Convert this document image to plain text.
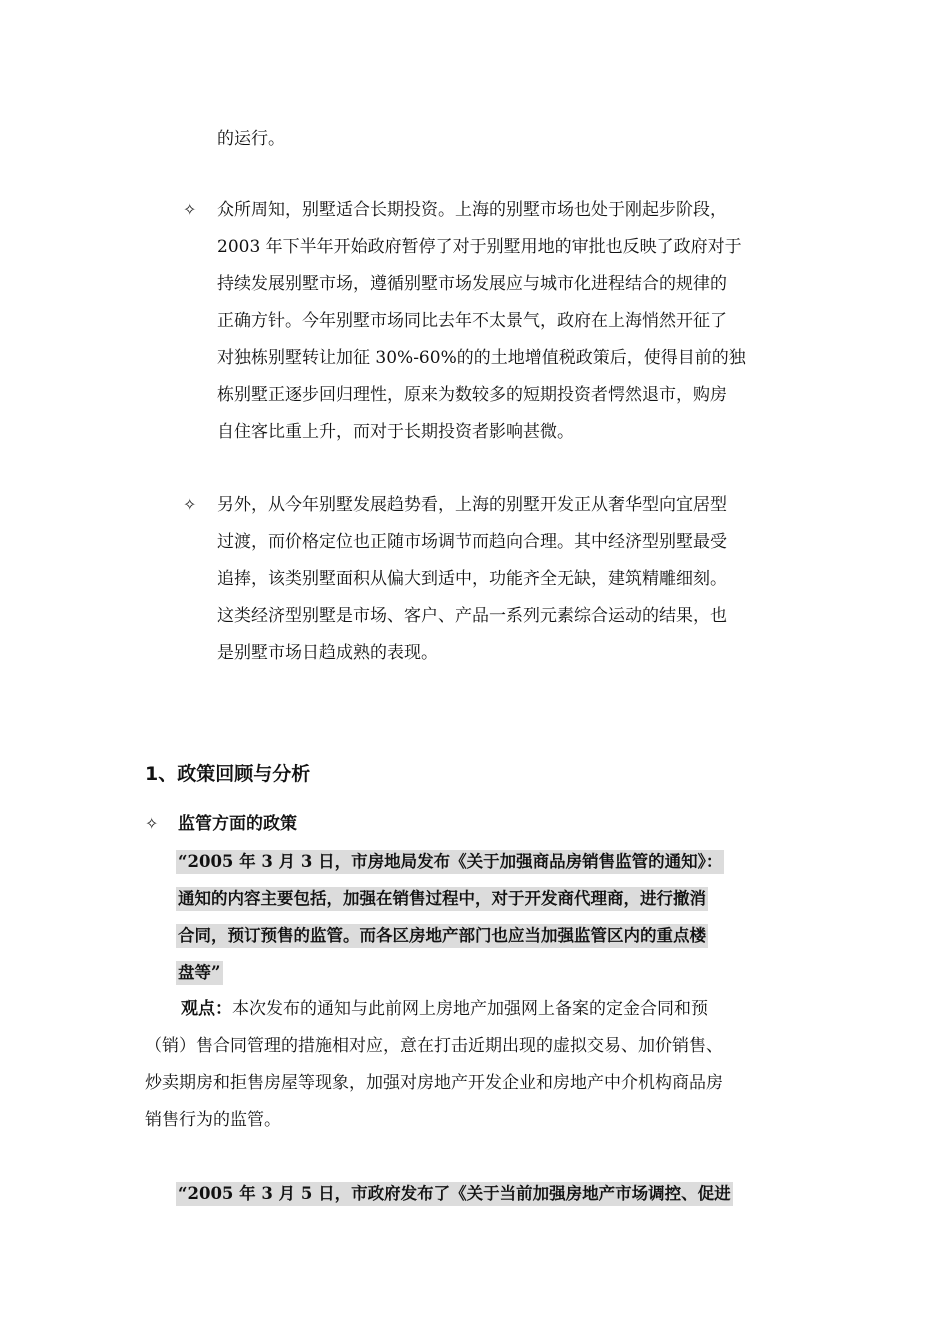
的运行。
✧ 众所周知，别墅适合长期投资。上海的别墅市场也处于刚起步阶段，
2003 年下半年开始政府暂停了对于别墅用地的审批也反映了政府对于
持续发展别墅市场，遵循别墅市场发展应与城市化进程结合的规律的
正确方针。今年别墅市场同比去年不太景气，政府在上海悄然开征了
对独栋别墅转让加征 30%-60%的的土地增值税政策后，使得目前的独
栋别墅正逐步回归理性，原来为数较多的短期投资者愕然退市，购房
自住客比重上升，而对于长期投资者影响甚微。
✧ 另外，从今年别墅发展趋势看，上海的别墅开发正从奢华型向宜居型
过渡，而价格定位也正随市场调节而趋向合理。其中经济型别墅最受
追捧，该类别墅面积从偏大到适中，功能齐全无缺，建筑精雕细刻。
这类经济型别墅是市场、客户、产品一系列元素综合运动的结果，也
是别墅市场日趋成熟的表现。
1、政策回顾与分析
✧ 监管方面的政策
“2005 年 3 月 3 日，市房地局发布《关于加强商品房销售监管的通知》：
通知的内容主要包括，加强在销售过程中，对于开发商代理商，进行撤消
合同，预订预售的监管。而各区房地产部门也应当加强监管区内的重点楼
盘等”
观点：本次发布的通知与此前网上房地产加强网上备案的定金合同和预
（销）售合同管理的措施相对应，意在打击近期出现的虚拟交易、加价销售、
炒卖期房和拒售房屋等现象，加强对房地产开发企业和房地产中介机构商品房
销售行为的监管。
“2005 年 3 月 5 日，市政府发布了《关于当前加强房地产市场调控、促进
